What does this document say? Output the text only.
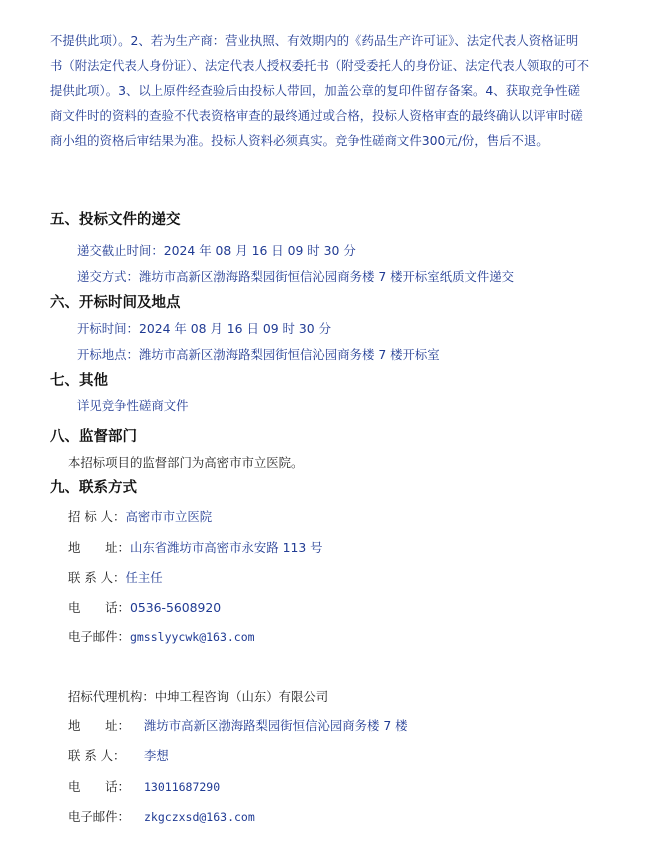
不提供此项）。2、若为生产商：营业执照、有效期内的《药品生产许可证》、法定代表人资格证明书（附法定代表人身份证）、法定代表人授权委托书（附受委托人的身份证、法定代表人领取的可不提供此项）。3、以上原件经查验后由投标人带回，加盖公章的复印件留存备案。4、获取竞争性磋商文件时的资料的查验不代表资格审查的最终通过或合格，投标人资格审查的最终确认以评审时磋商小组的资格后审结果为准。投标人资料必须真实。竞争性磋商文件300元/份，售后不退。

五、投标文件的递交
递交截止时间：2024 年 08 月 16 日 09 时 30 分
递交方式：潍坊市高新区渤海路梨园街恒信沁园商务楼 7 楼开标室纸质文件递交
六、开标时间及地点
开标时间：2024 年 08 月 16 日 09 时 30 分
开标地点：潍坊市高新区渤海路梨园街恒信沁园商务楼 7 楼开标室
七、其他
详见竞争性磋商文件
八、监督部门
本招标项目的监督部门为高密市市立医院。
九、联系方式
招 标 人：高密市市立医院
地　　址：山东省潍坊市高密市永安路 113 号
联 系 人：任主任
电　　话：0536-5608920
电子邮件：gmsslyycwk@163.com
招标代理机构：中坤工程咨询（山东）有限公司
地　　址： 潍坊市高新区渤海路梨园街恒信沁园商务楼 7 楼
联 系 人： 李想
电　　话： 13011687290
电子邮件： zkgczxsd@163.com
